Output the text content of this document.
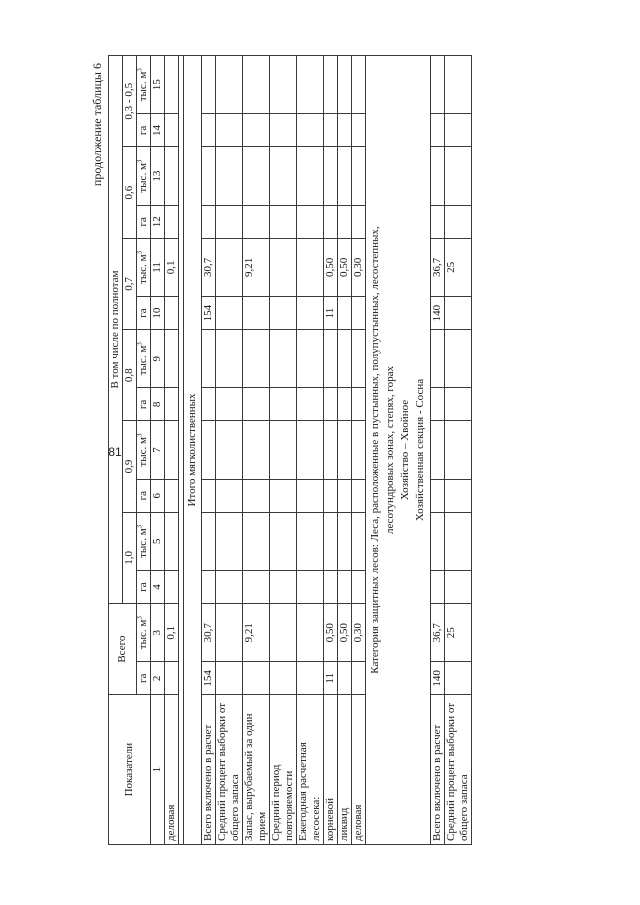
81
продолжение таблицы 6
Показатели	Всего		В том числе по полнотам											
			1,0		0,9		0,8		0,7		0,6		0,3 - 0,5	
	га	тыс. $м^3$	га	тыс. $м^3$	га	тыс. $м^3$	га	тыс. $м^3$	га	тыс. $м^3$	га	тыс. $м^3$	га	тыс. $м^3$
1	2	3	4	5	6	7	8	9	10	11	12	13	14	15
деловая		0,1								0,1				

Итого мягколиственных														
Всего включено в расчет	154	30,7							154	30,7				
Средний процент выборки от общего запаса														
Запас, вырубаемый за один прием		9,21								9,21				
Средний период повторяемости														
Ежегодная расчетная лесосека:														
корневой	11	0,50							11	0,50				
ликвид		0,50								0,50				
деловая		0,30								0,30				

Категория защитных лесов: Леса, расположенные в пустынных, полупустынных, лесостепных, лесотундровых зонах, степях, горах Хозяйство – Хвойное Хозяйственная секция - Сосна														

Всего включено в расчет	140	36,7							140	36,7				
Средний процент выборки от общего запаса		25								25				
